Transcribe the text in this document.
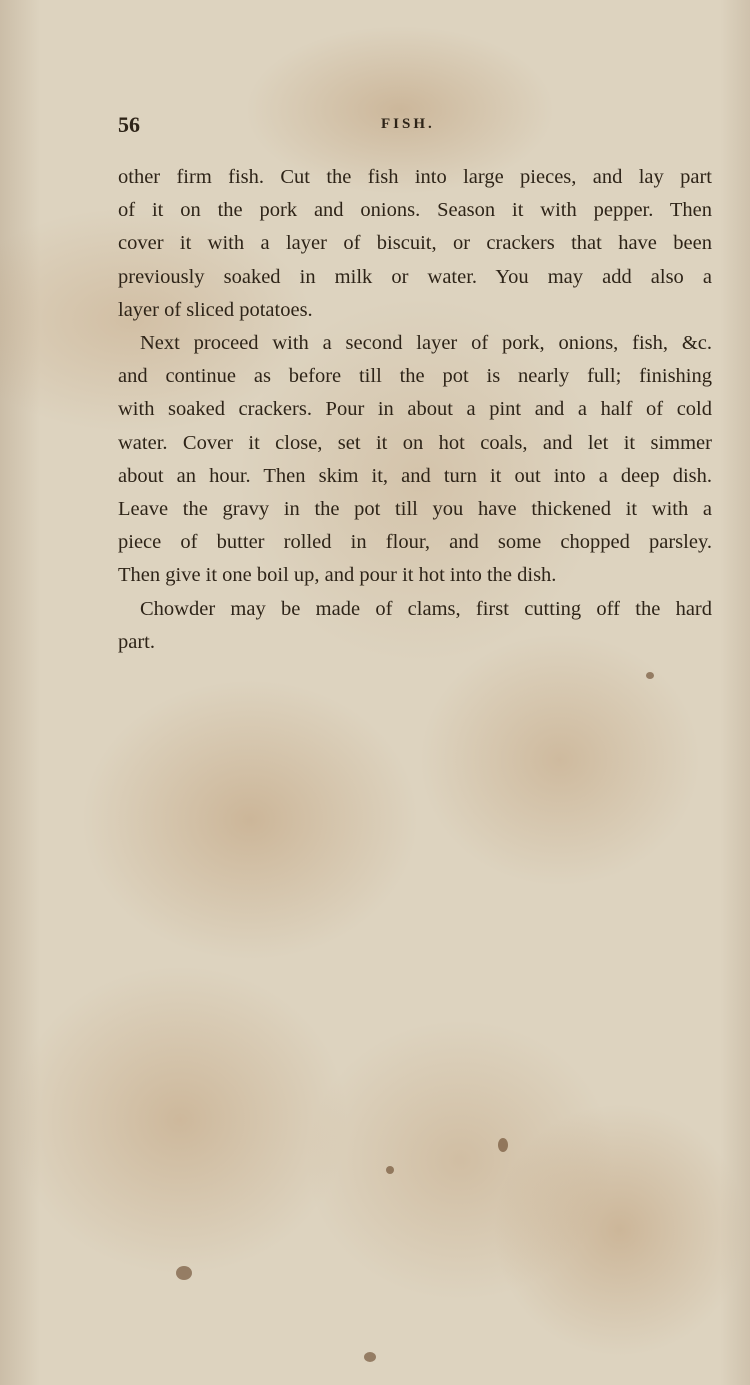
56	FISH.
other firm fish. Cut the fish into large pieces, and lay part
of it on the pork and onions. Season it with pepper. Then
cover it with a layer of biscuit, or crackers that have been
previously soaked in milk or water. You may add also a
layer of sliced potatoes.
Next proceed with a second layer of pork, onions, fish, &c.
and continue as before till the pot is nearly full; finishing
with soaked crackers. Pour in about a pint and a half of cold
water. Cover it close, set it on hot coals, and let it simmer
about an hour. Then skim it, and turn it out into a deep dish.
Leave the gravy in the pot till you have thickened it with a
piece of butter rolled in flour, and some chopped parsley.
Then give it one boil up, and pour it hot into the dish.
Chowder may be made of clams, first cutting off the hard
part.
